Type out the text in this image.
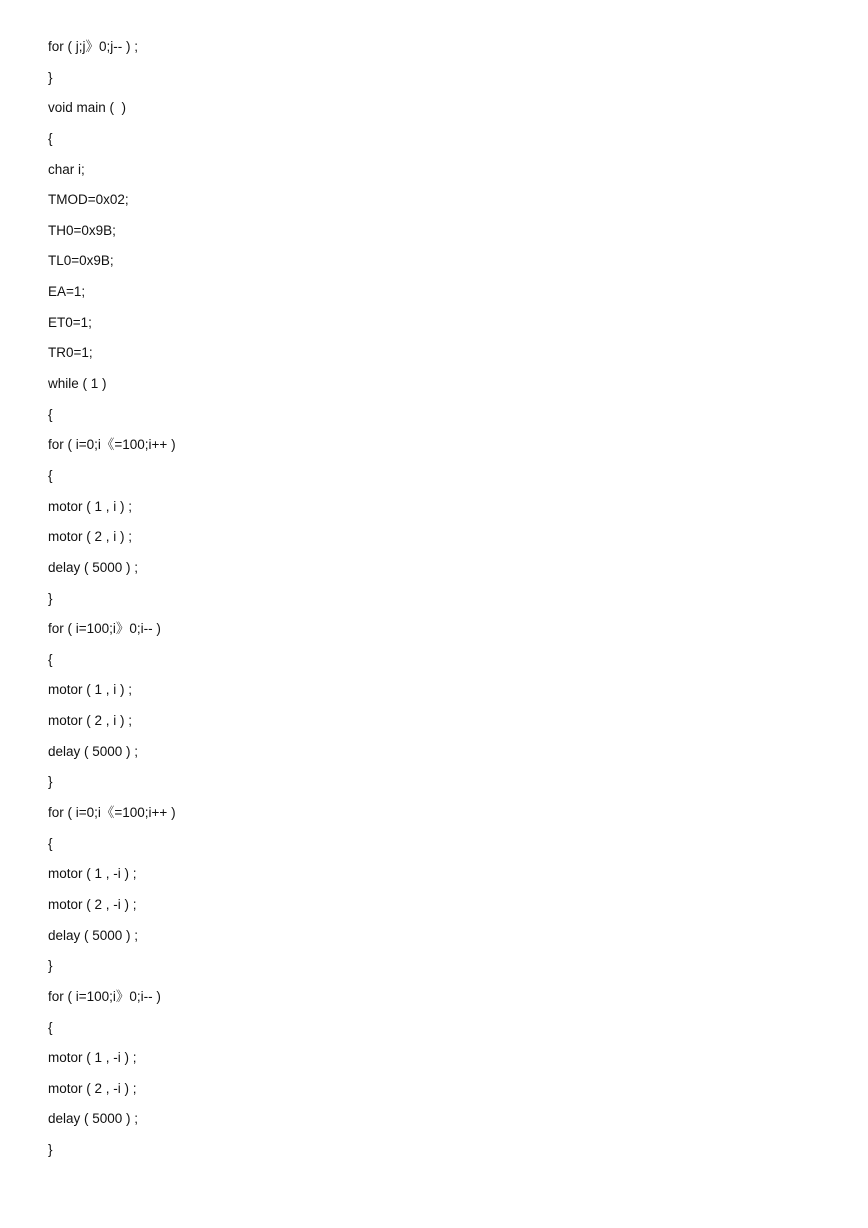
for ( j;j》0;j-- ) ;
}
void main (  )
{
char i;
TMOD=0x02;
TH0=0x9B;
TL0=0x9B;
EA=1;
ET0=1;
TR0=1;
while ( 1 )
{
for ( i=0;i《=100;i++ )
{
motor ( 1 , i ) ;
motor ( 2 , i ) ;
delay ( 5000 ) ;
}
for ( i=100;i》0;i-- )
{
motor ( 1 , i ) ;
motor ( 2 , i ) ;
delay ( 5000 ) ;
}
for ( i=0;i《=100;i++ )
{
motor ( 1 , -i ) ;
motor ( 2 , -i ) ;
delay ( 5000 ) ;
}
for ( i=100;i》0;i-- )
{
motor ( 1 , -i ) ;
motor ( 2 , -i ) ;
delay ( 5000 ) ;
}
